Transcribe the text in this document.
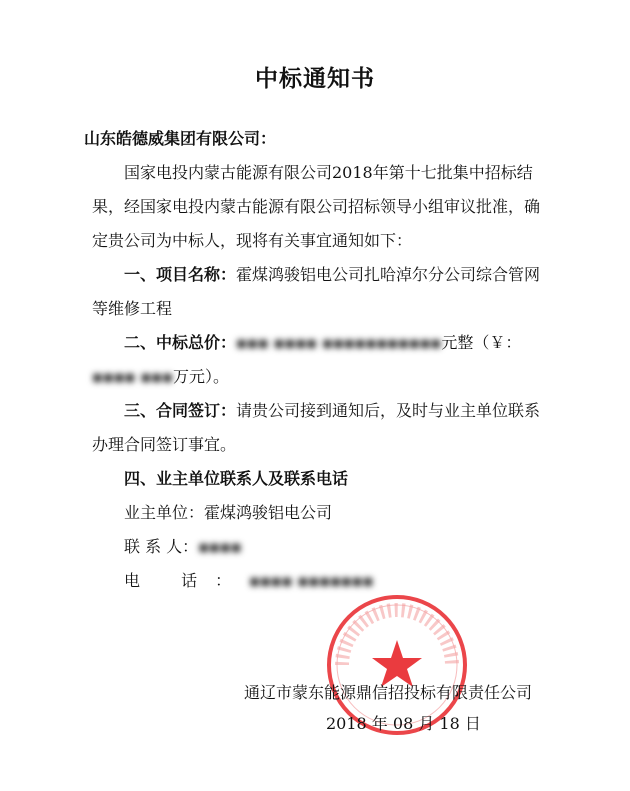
中标通知书
山东皓德威集团有限公司：
国家电投内蒙古能源有限公司2018年第十七批集中招标结
果，经国家电投内蒙古能源有限公司招标领导小组审议批准，确
定贵公司为中标人，现将有关事宜通知如下：
一、项目名称：霍煤鸿骏铝电公司扎哈淖尔分公司综合管网
等维修工程
二、中标总价：▪▪▪ ▪▪▪▪ ▪▪▪▪▪▪▪▪▪▪▪元整（￥：
▪▪▪▪ ▪▪▪万元）。
三、合同签订：请贵公司接到通知后，及时与业主单位联系
办理合同签订事宜。
四、业主单位联系人及联系电话
业主单位：霍煤鸿骏铝电公司
联 系 人：▪▪▪▪
电 话：▪▪▪▪ ▪▪▪▪▪▪▪
通辽市蒙东能源鼎信招投标有限责任公司
2018 年 08 月 18 日
